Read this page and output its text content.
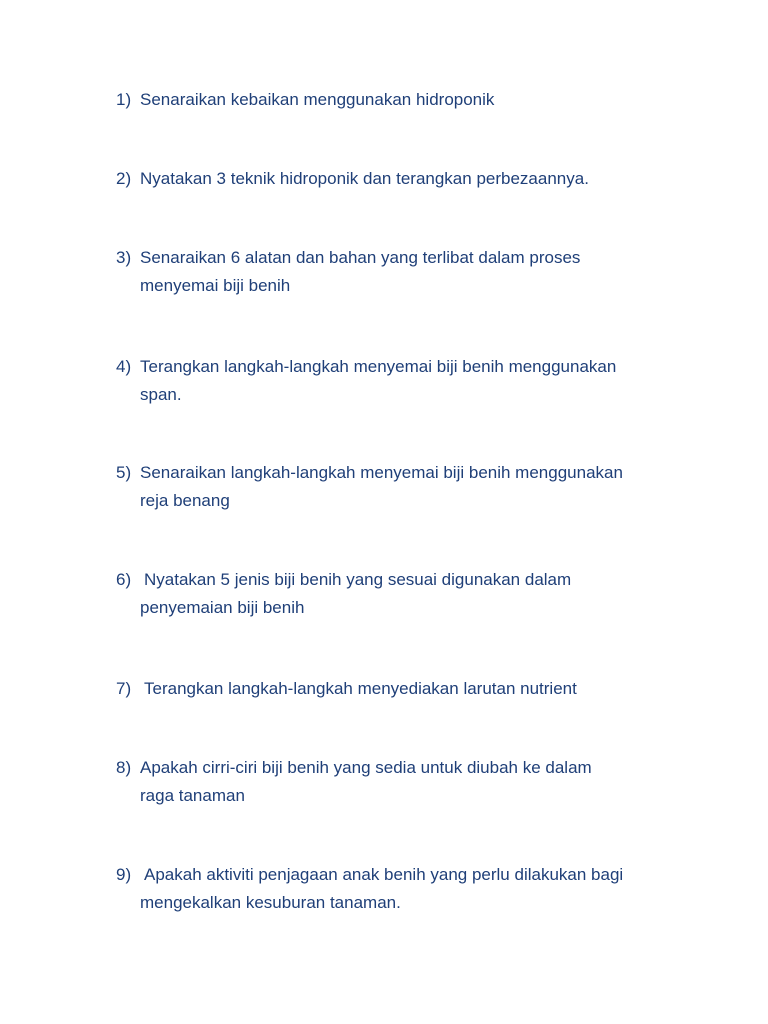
1) Senaraikan kebaikan menggunakan hidroponik
2) Nyatakan 3 teknik hidroponik dan terangkan perbezaannya.
3) Senaraikan 6 alatan dan bahan yang terlibat dalam proses
menyemai biji benih
4) Terangkan langkah-langkah menyemai biji benih menggunakan
span.
5) Senaraikan langkah-langkah menyemai biji benih menggunakan
reja benang
6) Nyatakan 5 jenis biji benih yang sesuai digunakan dalam
penyemaian biji benih
7) Terangkan langkah-langkah menyediakan larutan nutrient
8) Apakah cirri-ciri biji benih yang sedia untuk diubah ke dalam
raga tanaman
9) Apakah aktiviti penjagaan anak benih yang perlu dilakukan bagi
mengekalkan kesuburan tanaman.
